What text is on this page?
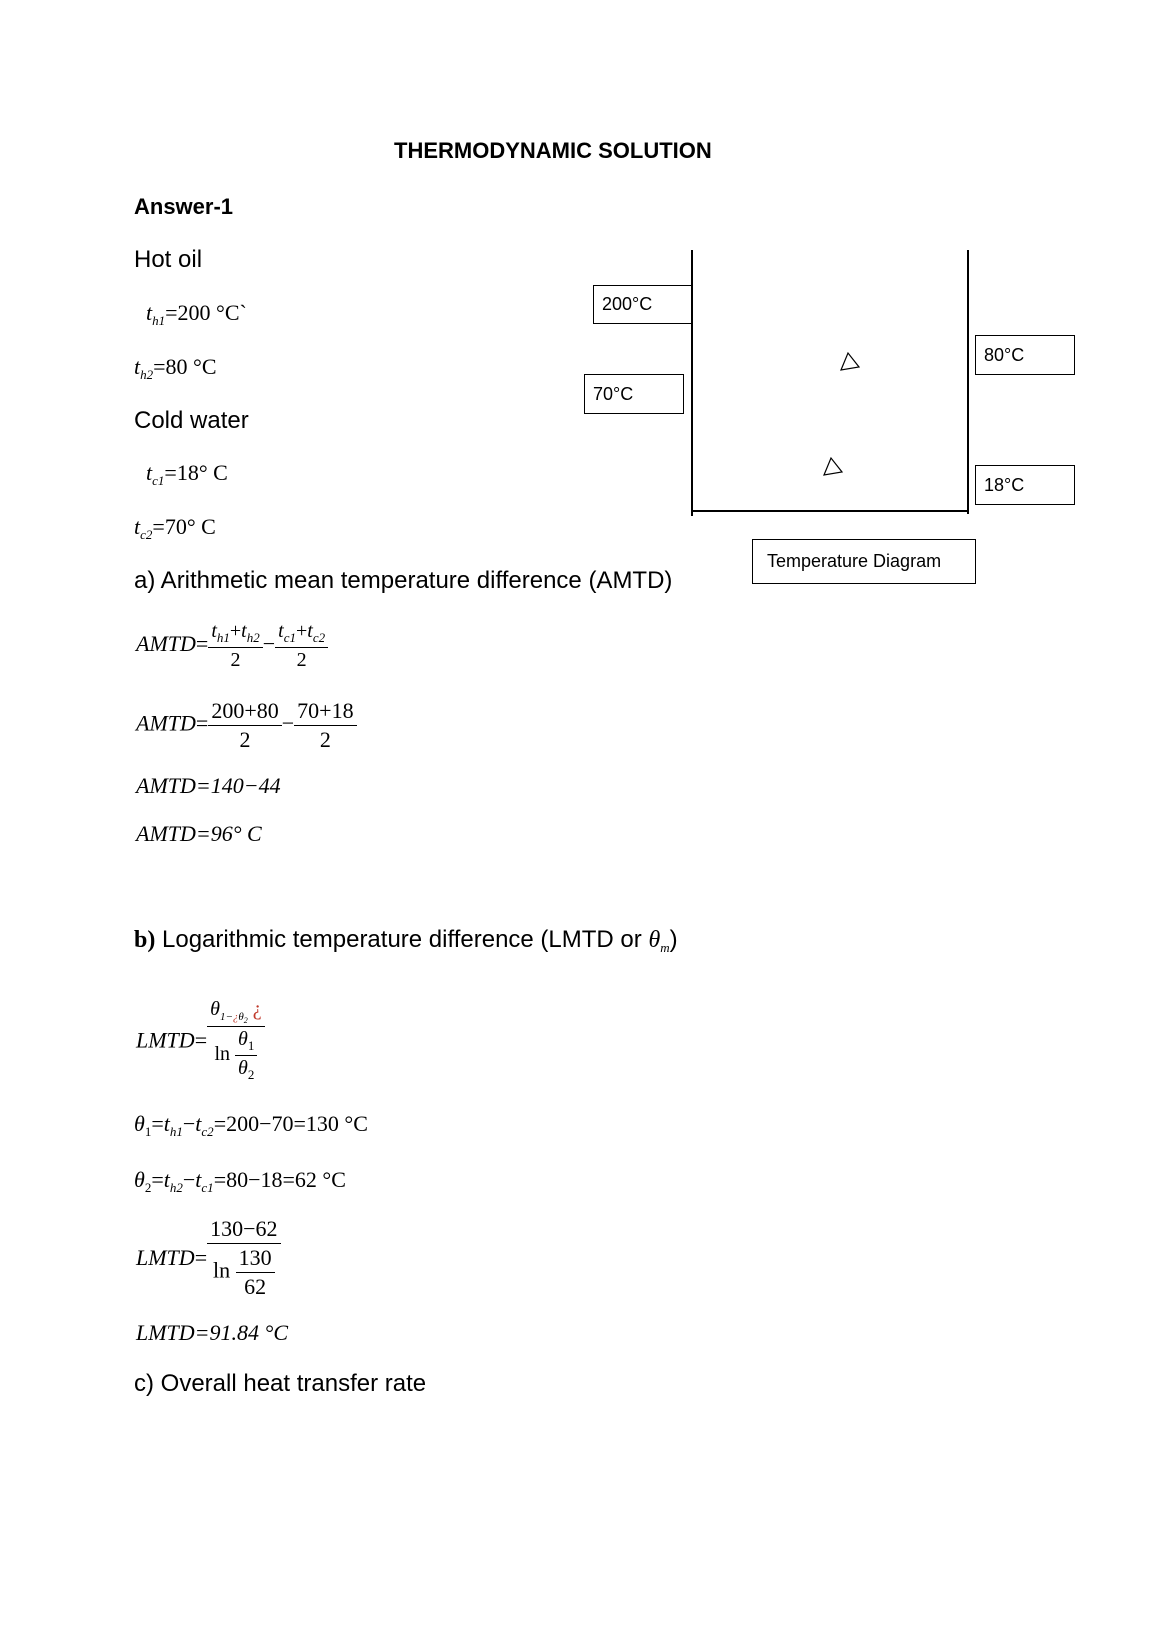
THERMODYNAMIC SOLUTION
Answer-1
Hot oil
$t_{h1}=200$ °C`
$t_{h2}=80$ °C
Cold water
$t_{c1}=18^\circ$ C
$t_{c2}=70^\circ$ C
200°C
70°C
80°C
18°C
Temperature Diagram
a) Arithmetic mean temperature difference (AMTD)
AMTD= $\frac{t_{h1}+t_{h2}}{2} - \frac{t_{c1}+t_{c2}}{2}$
AMTD= $\frac{200+80}{2} - \frac{70+18}{2}$
AMTD=140−44
AMTD=96° C
b) Logarithmic temperature difference (LMTD or $\theta_m$)
LMTD= $\frac{\theta_{1-¿\theta_2} ¿}{\ln \frac{\theta_1}{\theta_2}}$
$\theta_1=t_{h1}-t_{c2}=200-70=130$ °C
$\theta_2=t_{h2}-t_{c1}=80-18=62$ °C
LMTD= $\frac{130-62}{\ln \frac{130}{62}}$
LMTD=91.84 °C
c) Overall heat transfer rate
